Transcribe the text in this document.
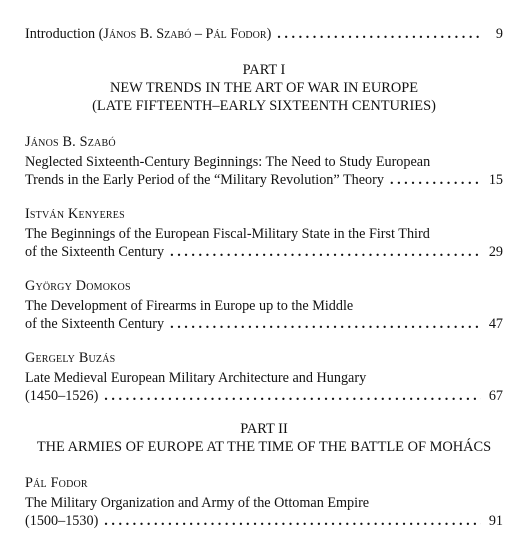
Introduction (János B. Szabó – Pál Fodor) . . .	9
PART I
NEW TRENDS IN THE ART OF WAR IN EUROPE
(LATE FIFTEENTH–EARLY SIXTEENTH CENTURIES)
János B. Szabó
Neglected Sixteenth-Century Beginnings: The Need to Study European
Trends in the Early Period of the “Military Revolution” Theory . . .	15
István Kenyeres
The Beginnings of the European Fiscal-Military State in the First Third
of the Sixteenth Century . . .	29
György Domokos
The Development of Firearms in Europe up to the Middle
of the Sixteenth Century . . .	47
Gergely Buzás
Late Medieval European Military Architecture and Hungary
(1450–1526) . . .	67
PART II
THE ARMIES OF EUROPE AT THE TIME OF THE BATTLE OF MOHÁCS
Pál Fodor
The Military Organization and Army of the Ottoman Empire
(1500–1530) . . .	91
